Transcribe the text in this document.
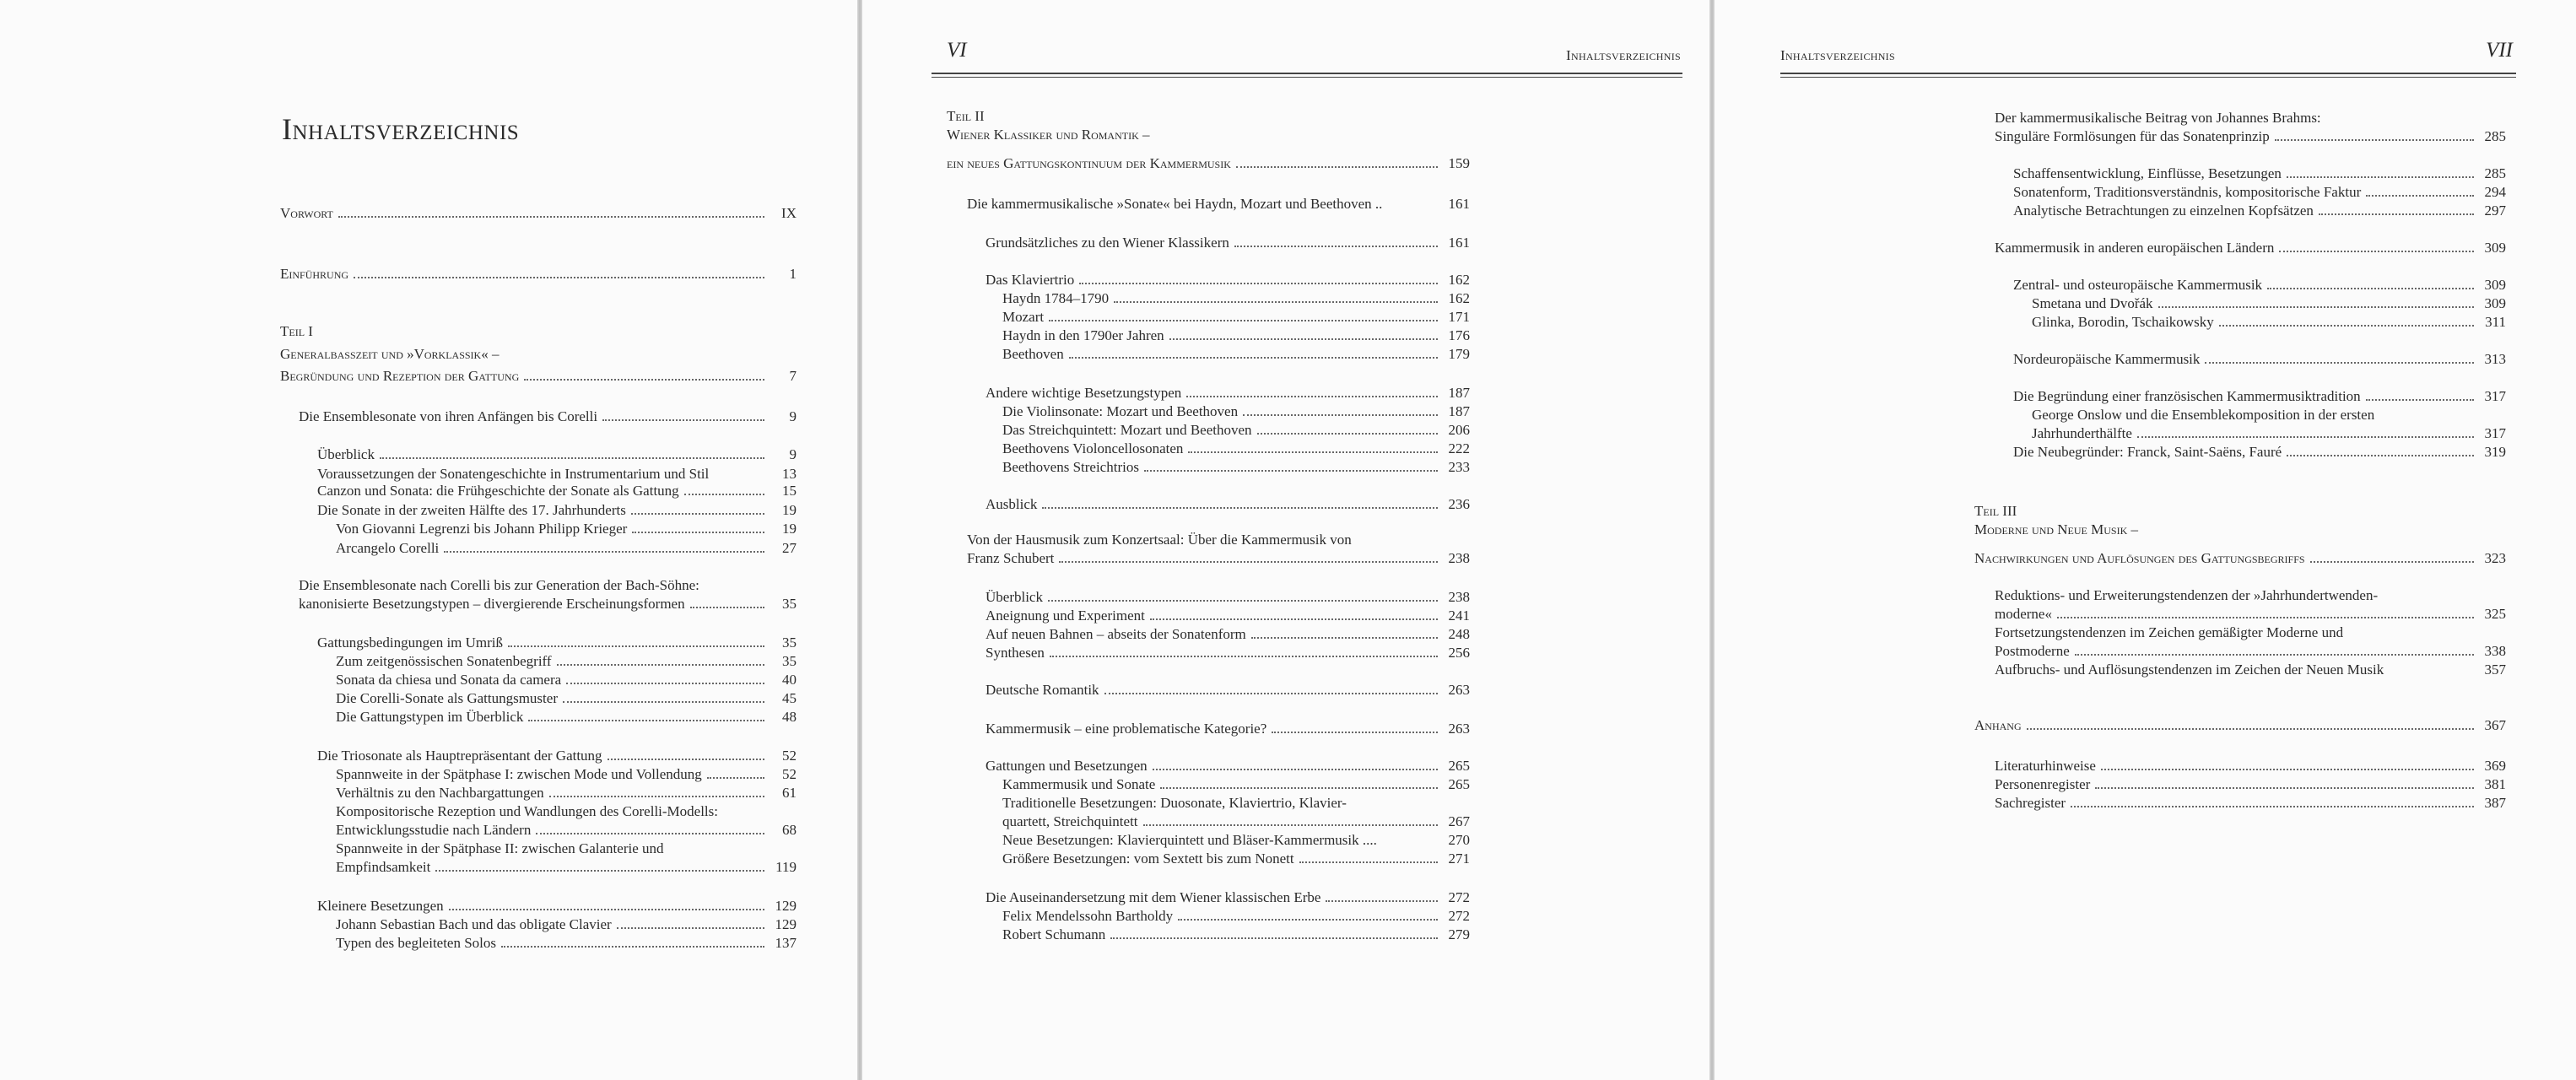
Inhaltsverzeichnis
Vorwort	IX
Einführung	1
Teil I
Generalbasszeit und »Vorklassik« –
Begründung und Rezeption der Gattung	7
Die Ensemblesonate von ihren Anfängen bis Corelli	9
Überblick	9
Voraussetzungen der Sonatengeschichte in Instrumentarium und Stil	13
Canzon und Sonata: die Frühgeschichte der Sonate als Gattung	15
Die Sonate in der zweiten Hälfte des 17. Jahrhunderts	19
Von Giovanni Legrenzi bis Johann Philipp Krieger	19
Arcangelo Corelli	27
Die Ensemblesonate nach Corelli bis zur Generation der Bach-Söhne:
kanonisierte Besetzungstypen – divergierende Erscheinungsformen	35
Gattungsbedingungen im Umriß	35
Zum zeitgenössischen Sonatenbegriff	35
Sonata da chiesa und Sonata da camera	40
Die Corelli-Sonate als Gattungsmuster	45
Die Gattungstypen im Überblick	48
Die Triosonate als Hauptrepräsentant der Gattung	52
Spannweite in der Spätphase I: zwischen Mode und Vollendung	52
Verhältnis zu den Nachbargattungen	61
Kompositorische Rezeption und Wandlungen des Corelli-Modells:
Entwicklungsstudie nach Ländern	68
Spannweite in der Spätphase II: zwischen Galanterie und
Empfindsamkeit	119
Kleinere Besetzungen	129
Johann Sebastian Bach und das obligate Clavier	129
Typen des begleiteten Solos	137
VI	Inhaltsverzeichnis
Teil II
Wiener Klassiker und Romantik –
ein neues Gattungskontinuum der Kammermusik	159
Die kammermusikalische »Sonate« bei Haydn, Mozart und Beethoven ..	161
Grundsätzliches zu den Wiener Klassikern	161
Das Klaviertrio	162
Haydn 1784–1790	162
Mozart	171
Haydn in den 1790er Jahren	176
Beethoven	179
Andere wichtige Besetzungstypen	187
Die Violinsonate: Mozart und Beethoven	187
Das Streichquintett: Mozart und Beethoven	206
Beethovens Violoncellosonaten	222
Beethovens Streichtrios	233
Ausblick	236
Von der Hausmusik zum Konzertsaal: Über die Kammermusik von
Franz Schubert	238
Überblick	238
Aneignung und Experiment	241
Auf neuen Bahnen – abseits der Sonatenform	248
Synthesen	256
Deutsche Romantik	263
Kammermusik – eine problematische Kategorie?	263
Gattungen und Besetzungen	265
Kammermusik und Sonate	265
Traditionelle Besetzungen: Duosonate, Klaviertrio, Klavier-
quartett, Streichquintett	267
Neue Besetzungen: Klavierquintett und Bläser-Kammermusik ....	270
Größere Besetzungen: vom Sextett bis zum Nonett	271
Die Auseinandersetzung mit dem Wiener klassischen Erbe	272
Felix Mendelssohn Bartholdy	272
Robert Schumann	279
Inhaltsverzeichnis	VII
Der kammermusikalische Beitrag von Johannes Brahms:
Singuläre Formlösungen für das Sonatenprinzip	285
Schaffensentwicklung, Einflüsse, Besetzungen	285
Sonatenform, Traditionsverständnis, kompositorische Faktur	294
Analytische Betrachtungen zu einzelnen Kopfsätzen	297
Kammermusik in anderen europäischen Ländern	309
Zentral- und osteuropäische Kammermusik	309
Smetana und Dvořák	309
Glinka, Borodin, Tschaikowsky	311
Nordeuropäische Kammermusik	313
Die Begründung einer französischen Kammermusiktradition	317
George Onslow und die Ensemblekomposition in der ersten
Jahrhunderthälfte	317
Die Neubegründer: Franck, Saint-Saëns, Fauré	319
Teil III
Moderne und Neue Musik –
Nachwirkungen und Auflösungen des Gattungsbegriffs	323
Reduktions- und Erweiterungstendenzen der »Jahrhundertwenden-
moderne«	325
Fortsetzungstendenzen im Zeichen gemäßigter Moderne und
Postmoderne	338
Aufbruchs- und Auflösungstendenzen im Zeichen der Neuen Musik	357
Anhang	367
Literaturhinweise	369
Personenregister	381
Sachregister	387
